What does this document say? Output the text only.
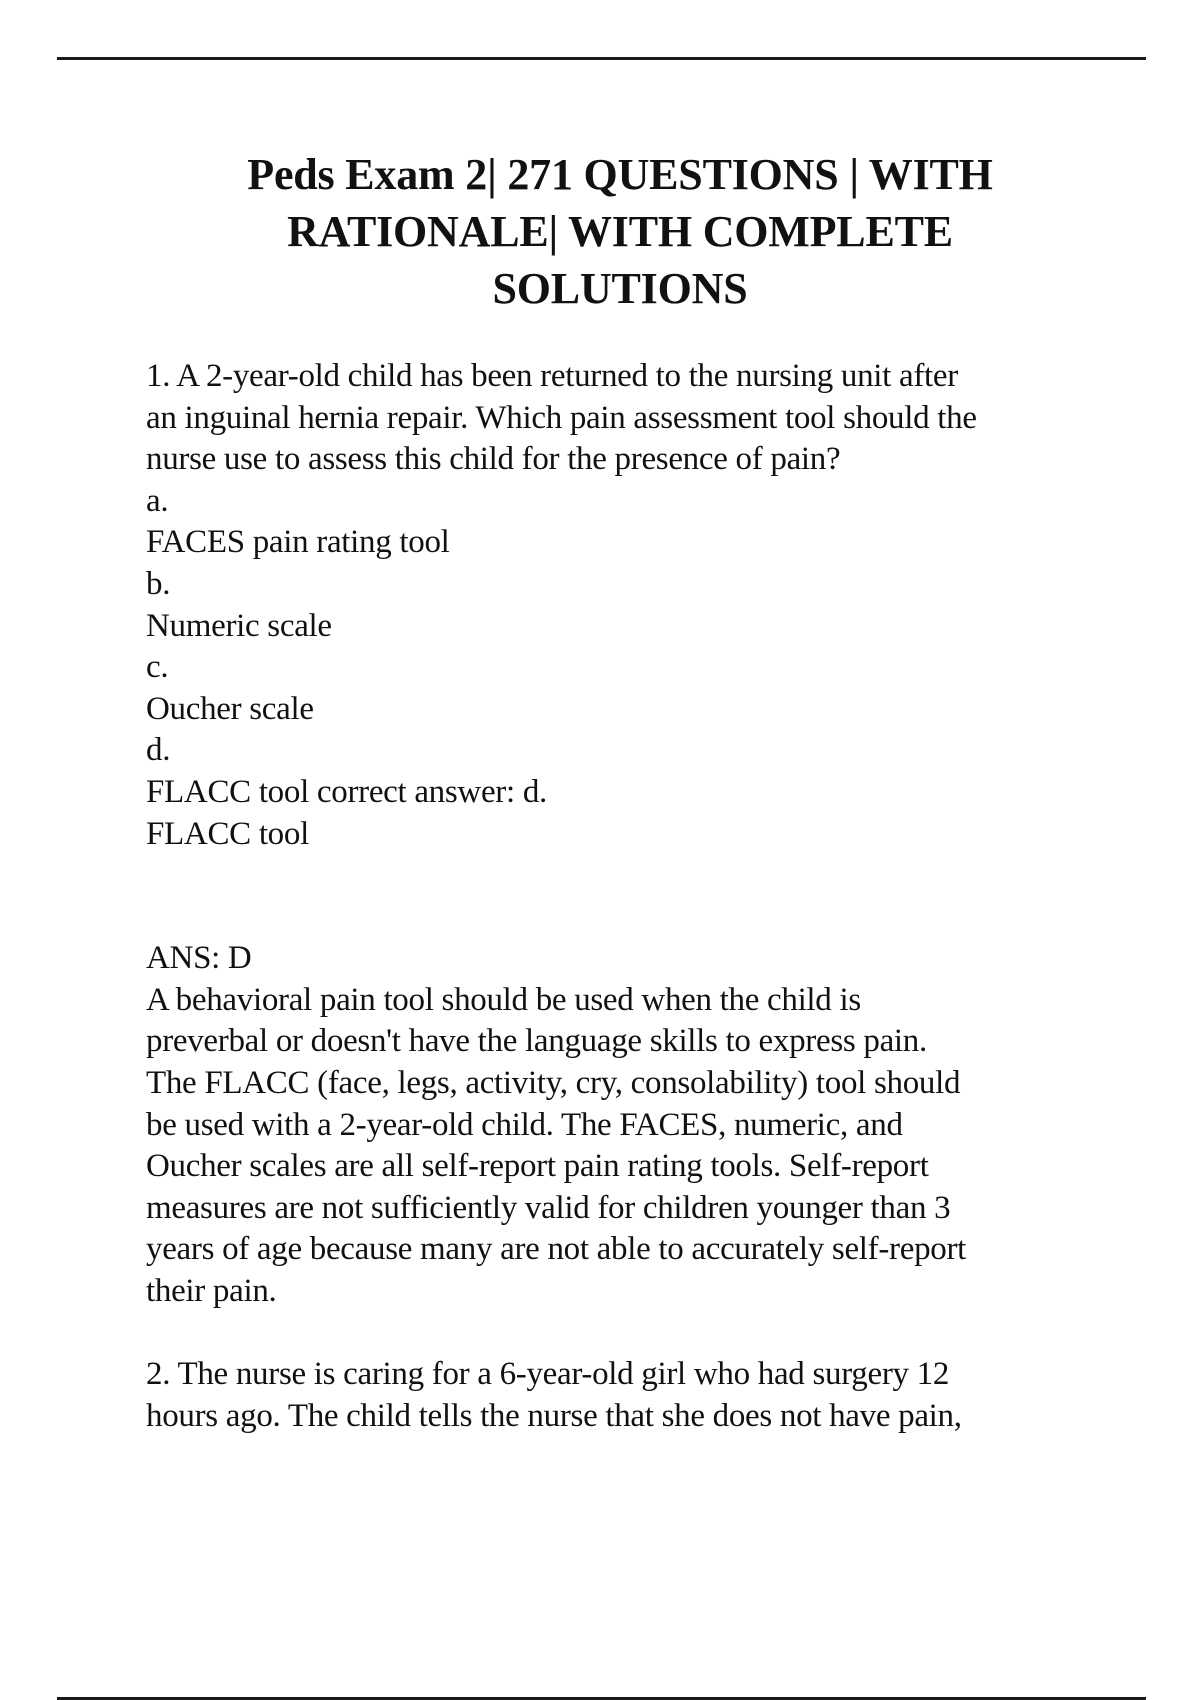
Peds Exam 2| 271 QUESTIONS | WITH
RATIONALE| WITH COMPLETE
SOLUTIONS
1. A 2-year-old child has been returned to the nursing unit after
an inguinal hernia repair. Which pain assessment tool should the
nurse use to assess this child for the presence of pain?
a.
FACES pain rating tool
b.
Numeric scale
c.
Oucher scale
d.
FLACC tool correct answer: d.
FLACC tool
ANS: D
A behavioral pain tool should be used when the child is
preverbal or doesn't have the language skills to express pain.
The FLACC (face, legs, activity, cry, consolability) tool should
be used with a 2-year-old child. The FACES, numeric, and
Oucher scales are all self-report pain rating tools. Self-report
measures are not sufficiently valid for children younger than 3
years of age because many are not able to accurately self-report
their pain.
2. The nurse is caring for a 6-year-old girl who had surgery 12
hours ago. The child tells the nurse that she does not have pain,
